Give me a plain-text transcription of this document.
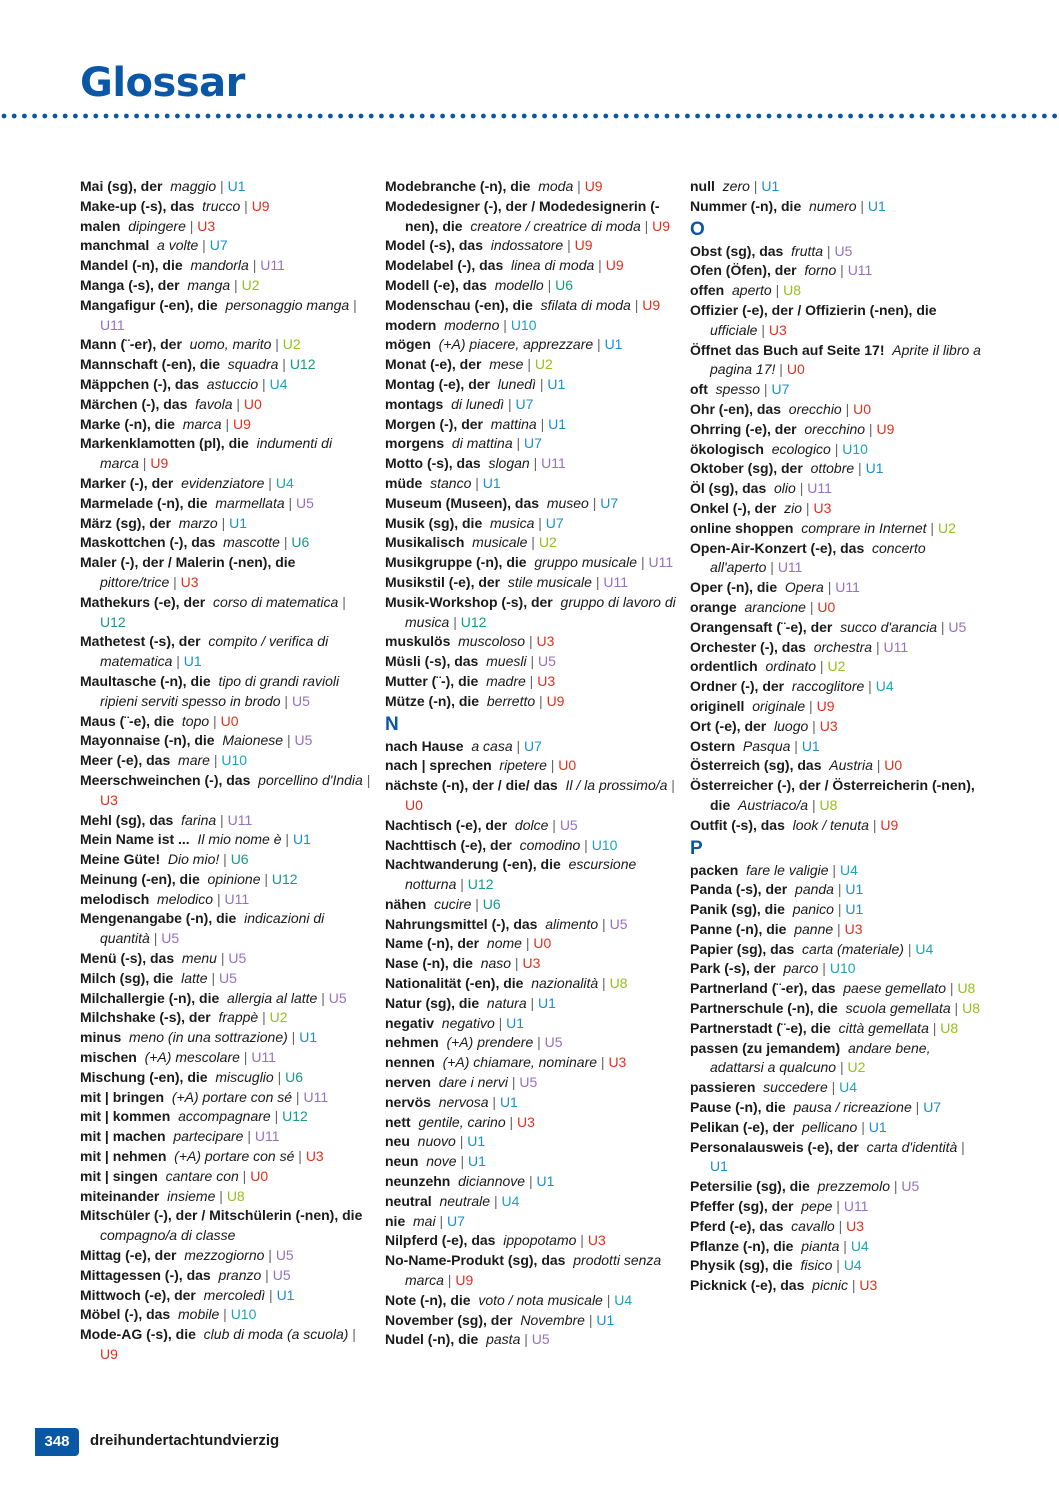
Glossar
Mai (sg), der maggio | U1
Make-up (-s), das trucco | U9
malen dipingere | U3
manchmal a volte | U7
Mandel (-n), die mandorla | U11
Manga (-s), der manga | U2
Mangafigur (-en), die personaggio manga | U11
Mann (¨-er), der uomo, marito | U2
Mannschaft (-en), die squadra | U12
Mäppchen (-), das astuccio | U4
Märchen (-), das favola | U0
Marke (-n), die marca | U9
Markenklamotten (pl), die indumenti di marca | U9
Marker (-), der evidenziatore | U4
Marmelade (-n), die marmellata | U5
März (sg), der marzo | U1
Maskottchen (-), das mascotte | U6
Maler (-), der / Malerin (-nen), die  pittore/trice | U3
Mathekurs (-e), der corso di matematica | U12
Mathetest (-s), der compito / verifica di matematica | U1
Maultasche (-n), die tipo di grandi ravioli ripieni serviti spesso in brodo | U5
Maus (¨-e), die topo | U0
Mayonnaise (-n), die Maionese | U5
Meer (-e), das mare | U10
Meerschweinchen (-), das porcellino d'India | U3
Mehl (sg), das farina | U11
Mein Name ist ... Il mio nome è | U1
Meine Güte! Dio mio! | U6
Meinung (-en), die opinione | U12
melodisch melodico | U11
Mengenangabe (-n), die indicazioni di quantità | U5
Menü (-s), das menu | U5
Milch (sg), die latte | U5
Milchallergie (-n), die allergia al latte | U5
Milchshake (-s), der frappè | U2
minus meno (in una sottrazione) | U1
mischen (+A) mescolare | U11
Mischung (-en), die miscuglio | U6
mit | bringen (+A) portare con sé | U11
mit | kommen accompagnare | U12
mit | machen partecipare | U11
mit | nehmen (+A) portare con sé | U3
mit | singen cantare con | U0
miteinander insieme | U8
Mitschüler (-), der / Mitschülerin (-nen), die  compagno/a di classe
Mittag (-e), der mezzogiorno | U5
Mittagessen (-), das pranzo | U5
Mittwoch (-e), der mercoledì | U1
Möbel (-), das mobile | U10
Mode-AG (-s), die club di moda (a scuola) | U9
Modebranche (-n), die moda | U9
Modedesigner (-), der / Modedesignerin (-nen), die creatore / creatrice di moda | U9
Model (-s), das indossatore | U9
Modelabel (-), das linea di moda | U9
Modell (-e), das modello | U6
Modenschau (-en), die sfilata di moda | U9
modern moderno | U10
mögen (+A) piacere, apprezzare | U1
Monat (-e), der mese | U2
Montag (-e), der lunedì | U1
montags di lunedì | U7
Morgen (-), der mattina | U1
morgens di mattina | U7
Motto (-s), das slogan | U11
müde stanco | U1
Museum (Museen), das museo | U7
Musik (sg), die musica | U7
Musikalisch musicale | U2
Musikgruppe (-n), die gruppo musicale | U11
Musikstil (-e), der stile musicale | U11
Musik-Workshop (-s), der gruppo di lavoro di musica | U12
muskulös muscoloso | U3
Müsli (-s), das muesli | U5
Mutter (¨-), die madre | U3
Mütze (-n), die berretto | U9
N
nach Hause a casa | U7
nach | sprechen ripetere | U0
nächste (-n), der / die/ das Il / la prossimo/a | U0
Nachtisch (-e), der dolce | U5
Nachttisch (-e), der comodino | U10
Nachtwanderung (-en), die escursione notturna | U12
nähen cucire | U6
Nahrungsmittel (-), das alimento | U5
Name (-n), der nome | U0
Nase (-n), die naso | U3
Nationalität (-en), die nazionalità | U8
Natur (sg), die natura | U1
negativ negativo | U1
nehmen (+A) prendere | U5
nennen (+A) chiamare, nominare | U3
nerven dare i nervi | U5
nervös nervosa | U1
nett gentile, carino | U3
neu nuovo | U1
neun nove | U1
neunzehn diciannove | U1
neutral neutrale | U4
nie mai | U7
Nilpferd (-e), das ippopotamo | U3
No-Name-Produkt (sg), das prodotti senza marca | U9
Note (-n), die voto / nota musicale | U4
November (sg), der Novembre | U1
Nudel (-n), die pasta | U5
null zero | U1
Nummer (-n), die numero | U1
O
Obst (sg), das frutta | U5
Ofen (Öfen), der forno | U11
offen aperto | U8
Offizier (-e), der / Offizierin (-nen), die  ufficiale | U3
Öffnet das Buch auf Seite 17! Aprite il libro a pagina 17! | U0
oft spesso | U7
Ohr (-en), das orecchio | U0
Ohrring (-e), der orecchino | U9
ökologisch ecologico | U10
Oktober (sg), der ottobre | U1
Öl (sg), das olio | U11
Onkel (-), der zio | U3
online shoppen comprare in Internet | U2
Open-Air-Konzert (-e), das concerto all'aperto | U11
Oper (-n), die Opera | U11
orange arancione | U0
Orangensaft (¨-e), der succo d'arancia | U5
Orchester (-), das orchestra | U11
ordentlich ordinato | U2
Ordner (-), der raccoglitore | U4
originell originale | U9
Ort (-e), der luogo | U3
Ostern Pasqua | U1
Österreich (sg), das Austria | U0
Österreicher (-), der / Österreicherin (-nen), die Austriaco/a | U8
Outfit (-s), das look / tenuta | U9
P
packen fare le valigie | U4
Panda (-s), der panda | U1
Panik (sg), die panico | U1
Panne (-n), die panne | U3
Papier (sg), das carta (materiale) | U4
Park (-s), der parco | U10
Partnerland (¨-er), das paese gemellato | U8
Partnerschule (-n), die scuola gemellata | U8
Partnerstadt (¨-e), die città gemellata | U8
passen (zu jemandem) andare bene, adattarsi a qualcuno | U2
passieren succedere | U4
Pause (-n), die pausa / ricreazione | U7
Pelikan (-e), der pellicano | U1
Personalausweis (-e), der carta d'identità | U1
Petersilie (sg), die prezzemolo | U5
Pfeffer (sg), der pepe | U11
Pferd (-e), das cavallo | U3
Pflanze (-n), die pianta | U4
Physik (sg), die fisico | U4
Picknick (-e), das picnic | U3
348	dreihundertachtundvierzig
